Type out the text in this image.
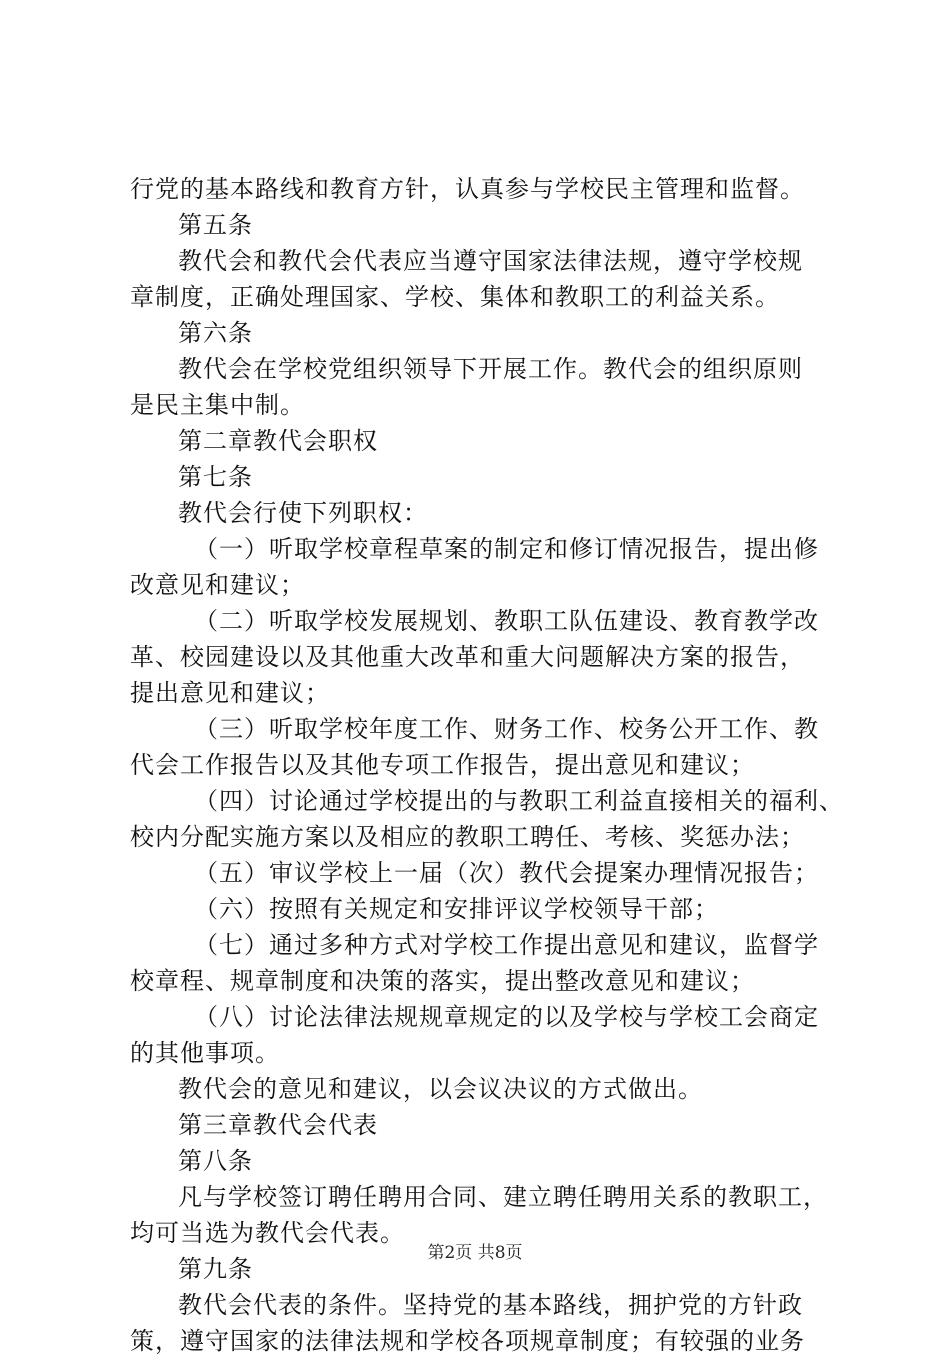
行党的基本路线和教育方针，认真参与学校民主管理和监督。
第五条
教代会和教代会代表应当遵守国家法律法规，遵守学校规
章制度，正确处理国家、学校、集体和教职工的利益关系。
第六条
教代会在学校党组织领导下开展工作。教代会的组织原则
是民主集中制。
第二章教代会职权
第七条
教代会行使下列职权：
（一）听取学校章程草案的制定和修订情况报告，提出修
改意见和建议；
（二）听取学校发展规划、教职工队伍建设、教育教学改
革、校园建设以及其他重大改革和重大问题解决方案的报告，
提出意见和建议；
（三）听取学校年度工作、财务工作、校务公开工作、教
代会工作报告以及其他专项工作报告，提出意见和建议；
（四）讨论通过学校提出的与教职工利益直接相关的福利、
校内分配实施方案以及相应的教职工聘任、考核、奖惩办法；
（五）审议学校上一届（次）教代会提案办理情况报告；
（六）按照有关规定和安排评议学校领导干部；
（七）通过多种方式对学校工作提出意见和建议，监督学
校章程、规章制度和决策的落实，提出整改意见和建议；
（八）讨论法律法规规章规定的以及学校与学校工会商定
的其他事项。
教代会的意见和建议，以会议决议的方式做出。
第三章教代会代表
第八条
凡与学校签订聘任聘用合同、建立聘任聘用关系的教职工，
均可当选为教代会代表。
第九条
教代会代表的条件。坚持党的基本路线，拥护党的方针政
策，遵守国家的法律法规和学校各项规章制度；有较强的业务
第2页 共8页
